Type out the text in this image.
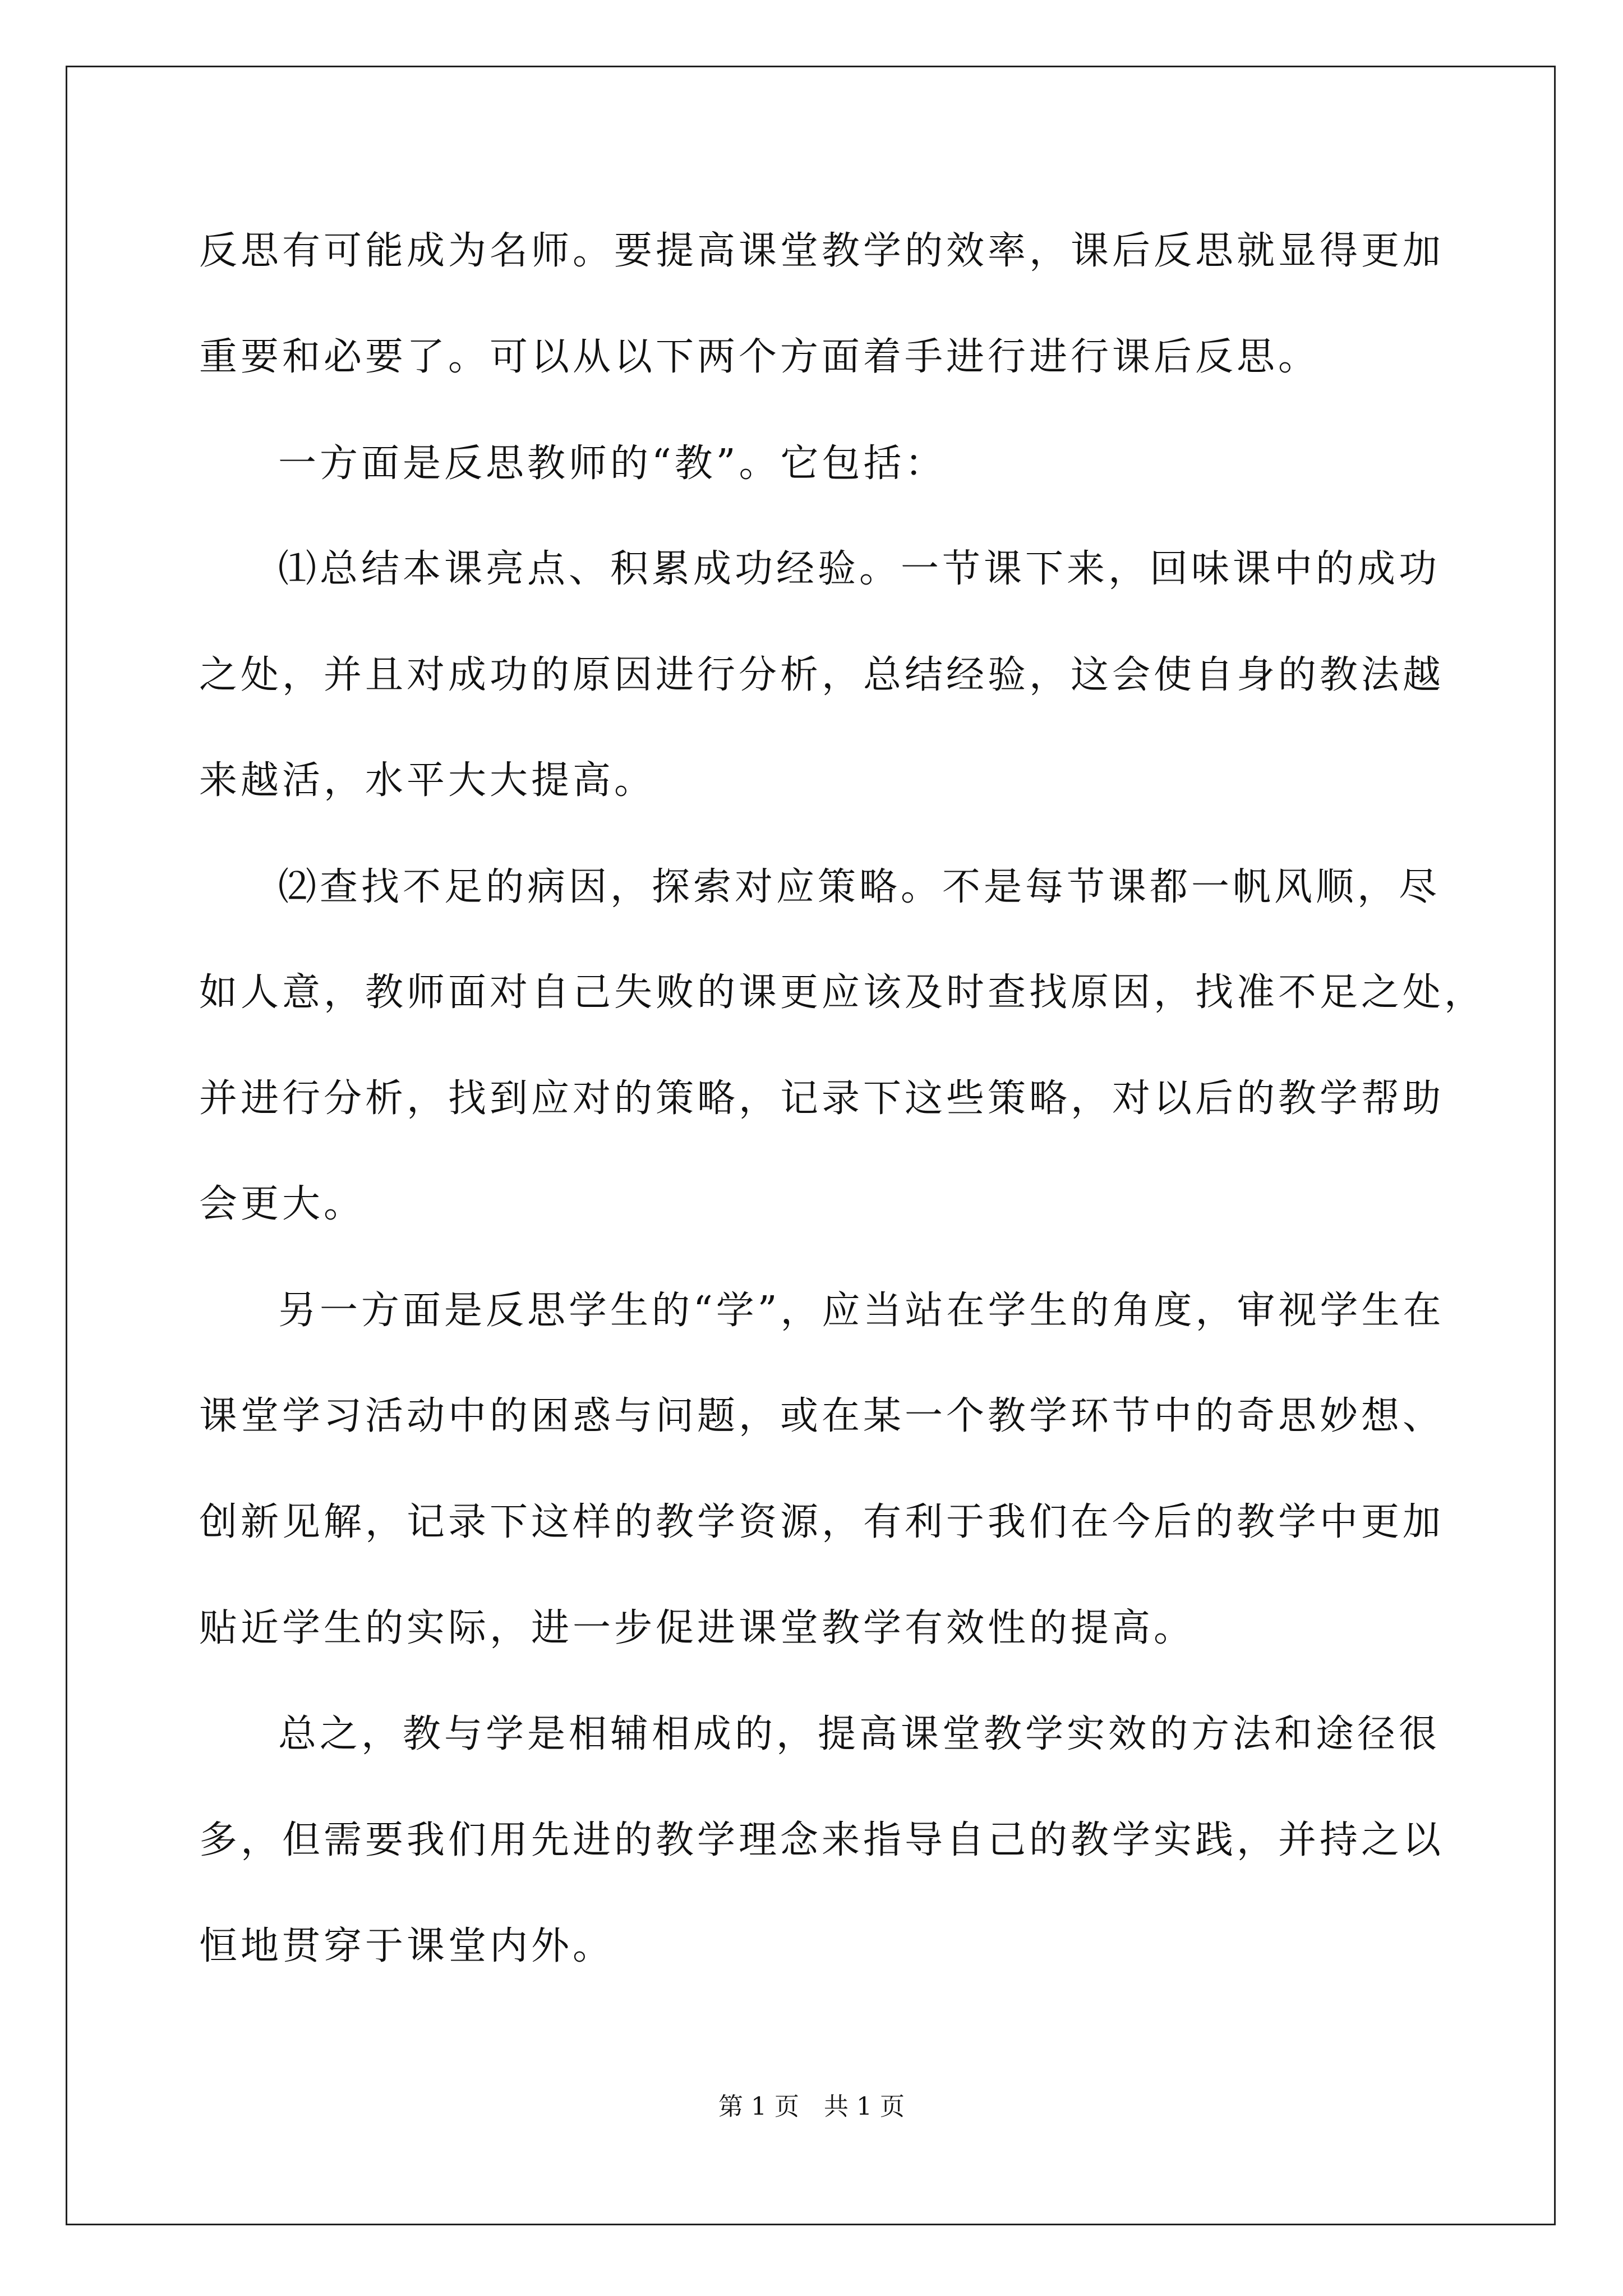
反思有可能成为名师。要提高课堂教学的效率，课后反思就显得更加
重要和必要了。可以从以下两个方面着手进行进行课后反思。
一方面是反思教师的“教”。它包括：
⑴总结本课亮点、积累成功经验。一节课下来，回味课中的成功
之处，并且对成功的原因进行分析，总结经验，这会使自身的教法越
来越活，水平大大提高。
⑵查找不足的病因，探索对应策略。不是每节课都一帆风顺，尽
如人意，教师面对自己失败的课更应该及时查找原因，找准不足之处，
并进行分析，找到应对的策略，记录下这些策略，对以后的教学帮助
会更大。
另一方面是反思学生的“学”，应当站在学生的角度，审视学生在
课堂学习活动中的困惑与问题，或在某一个教学环节中的奇思妙想、
创新见解，记录下这样的教学资源，有利于我们在今后的教学中更加
贴近学生的实际，进一步促进课堂教学有效性的提高。
总之，教与学是相辅相成的，提高课堂教学实效的方法和途径很
多，但需要我们用先进的教学理念来指导自己的教学实践，并持之以
恒地贯穿于课堂内外。
第 1 页 共 1 页
